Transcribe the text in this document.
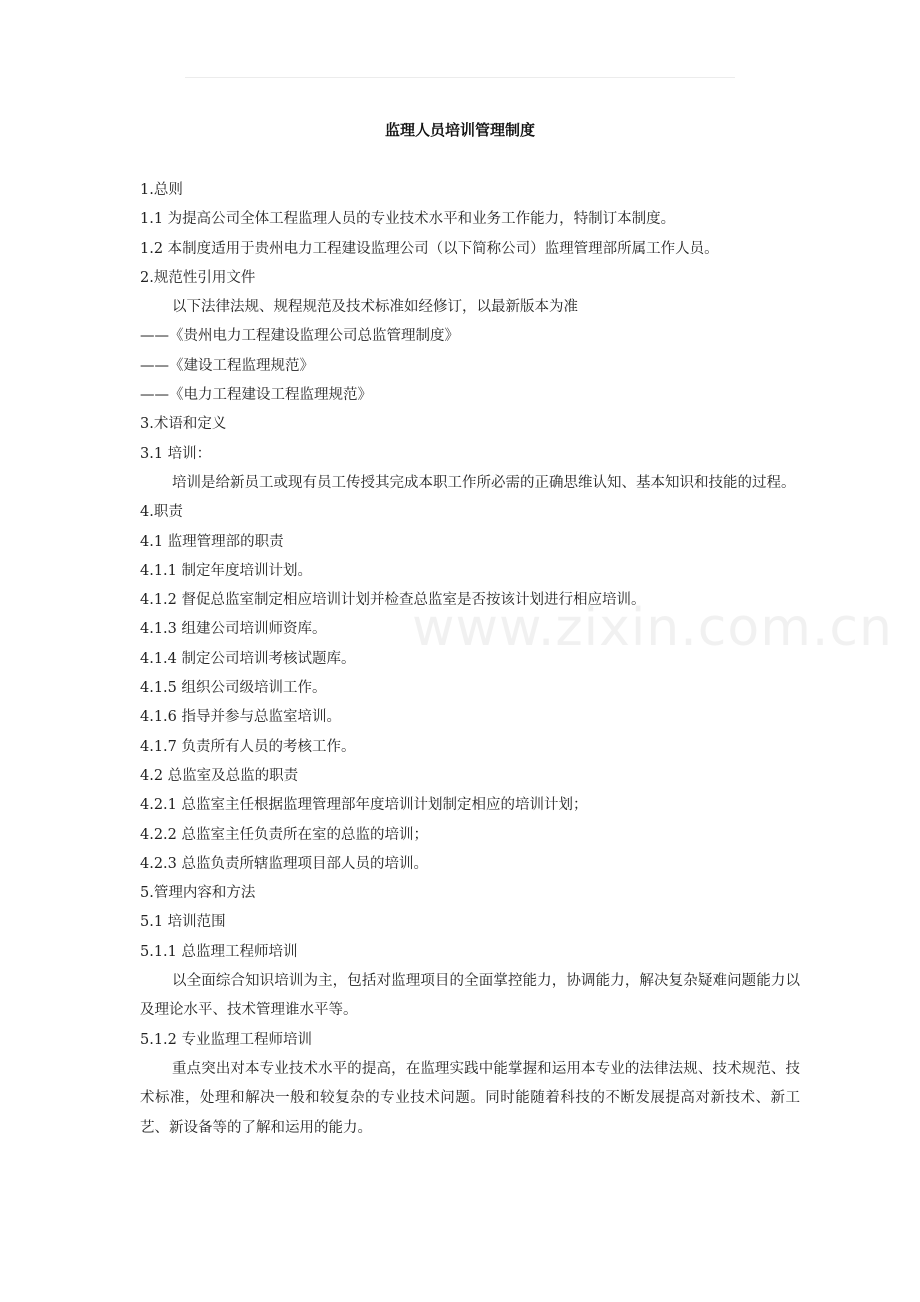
www.zixin.com.cn
监理人员培训管理制度
1.总则
1.1 为提高公司全体工程监理人员的专业技术水平和业务工作能力，特制订本制度。
1.2 本制度适用于贵州电力工程建设监理公司（以下简称公司）监理管理部所属工作人员。
2.规范性引用文件
以下法律法规、规程规范及技术标准如经修订，以最新版本为准
——《贵州电力工程建设监理公司总监管理制度》
——《建设工程监理规范》
——《电力工程建设工程监理规范》
3.术语和定义
3.1 培训：
培训是给新员工或现有员工传授其完成本职工作所必需的正确思维认知、基本知识和技能的过程。
4.职责
4.1 监理管理部的职责
4.1.1 制定年度培训计划。
4.1.2 督促总监室制定相应培训计划并检查总监室是否按该计划进行相应培训。
4.1.3 组建公司培训师资库。
4.1.4 制定公司培训考核试题库。
4.1.5 组织公司级培训工作。
4.1.6 指导并参与总监室培训。
4.1.7 负责所有人员的考核工作。
4.2 总监室及总监的职责
4.2.1 总监室主任根据监理管理部年度培训计划制定相应的培训计划；
4.2.2 总监室主任负责所在室的总监的培训；
4.2.3 总监负责所辖监理项目部人员的培训。
5.管理内容和方法
5.1 培训范围
5.1.1 总监理工程师培训
以全面综合知识培训为主，包括对监理项目的全面掌控能力，协调能力，解决复杂疑难问题能力以及理论水平、技术管理谁水平等。
5.1.2 专业监理工程师培训
重点突出对本专业技术水平的提高，在监理实践中能掌握和运用本专业的法律法规、技术规范、技术标准，处理和解决一般和较复杂的专业技术问题。同时能随着科技的不断发展提高对新技术、新工艺、新设备等的了解和运用的能力。
